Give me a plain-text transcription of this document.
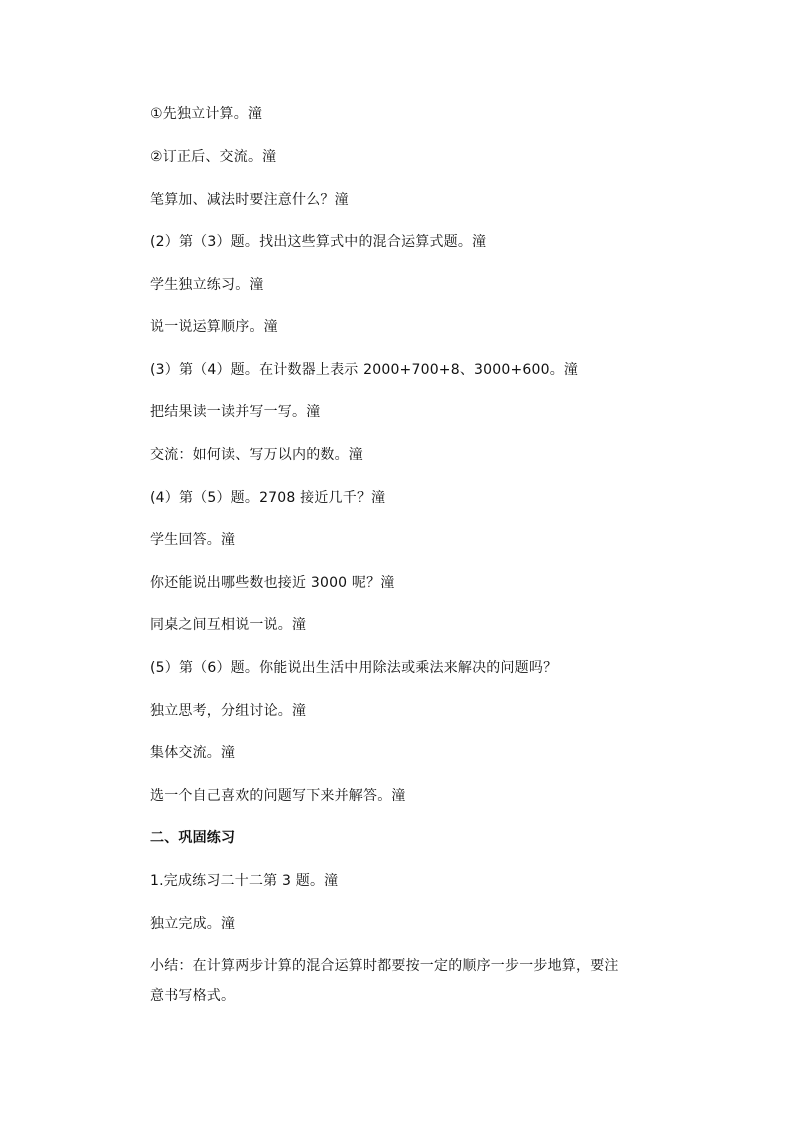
①先独立计算。潼
②订正后、交流。潼
笔算加、减法时要注意什么？潼
(2）第（3）题。找出这些算式中的混合运算式题。潼
学生独立练习。潼
说一说运算顺序。潼
(3）第（4）题。在计数器上表示 2000+700+8、3000+600。潼
把结果读一读并写一写。潼
交流：如何读、写万以内的数。潼
(4）第（5）题。2708 接近几千？潼
学生回答。潼
你还能说出哪些数也接近 3000 呢？潼
同桌之间互相说一说。潼
(5）第（6）题。你能说出生活中用除法或乘法来解决的问题吗？
独立思考，分组讨论。潼
集体交流。潼
选一个自己喜欢的问题写下来并解答。潼
二、巩固练习
1.完成练习二十二第 3 题。潼
独立完成。潼
小结：在计算两步计算的混合运算时都要按一定的顺序一步一步地算，要注
意书写格式。
